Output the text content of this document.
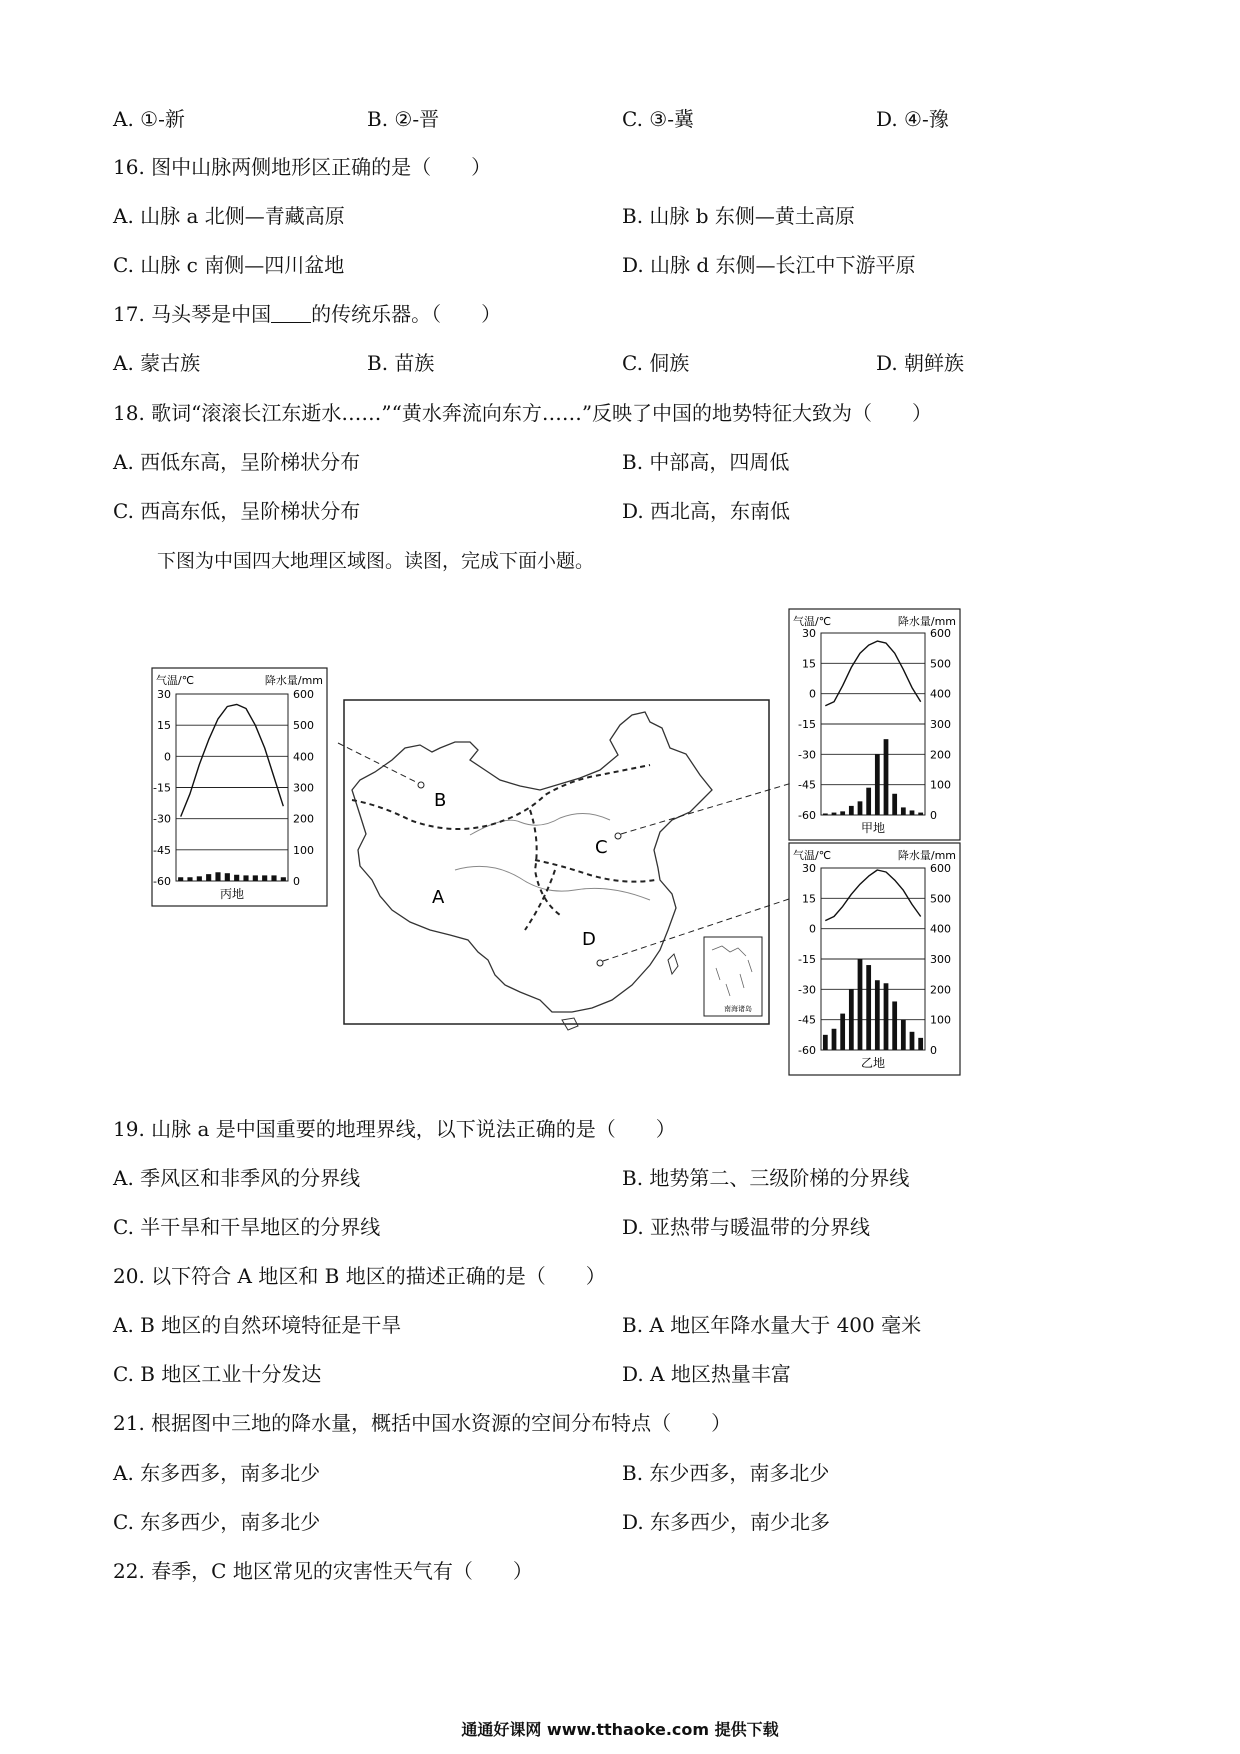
A. ①-新	B. ②-晋	C. ③-冀	D. ④-豫
16. 图中山脉两侧地形区正确的是（　　）
A. 山脉 a 北侧—青藏高原	B. 山脉 b 东侧—黄土高原
C. 山脉 c 南侧—四川盆地	D. 山脉 d 东侧—长江中下游平原
17. 马头琴是中国 的传统乐器。（　　）
A. 蒙古族	B. 苗族	C. 侗族	D. 朝鲜族
18. 歌词“滚滚长江东逝水……”“黄水奔流向东方……”反映了中国的地势特征大致为（　　）
A. 西低东高，呈阶梯状分布	B. 中部高，四周低
C. 西高东低，呈阶梯状分布	D. 西北高，东南低
下图为中国四大地理区域图。读图，完成下面小题。
B
A
C
D
南海诸岛
气温/℃	降水量/mm
30	600
15	500
0	400
-15	300
-30	200
-45	100
-60	0
丙地
气温/℃	降水量/mm
30	600
15	500
0	400
-15	300
-30	200
-45	100
-60	0
甲地
气温/℃	降水量/mm
30	600
15	500
0	400
-15	300
-30	200
-45	100
-60	0
乙地
19. 山脉 a 是中国重要的地理界线，以下说法正确的是（　　）
A. 季风区和非季风的分界线	B. 地势第二、三级阶梯的分界线
C. 半干旱和干旱地区的分界线	D. 亚热带与暖温带的分界线
20. 以下符合 A 地区和 B 地区的描述正确的是（　　）
A. B 地区的自然环境特征是干旱	B. A 地区年降水量大于 400 毫米
C. B 地区工业十分发达	D. A 地区热量丰富
21. 根据图中三地的降水量，概括中国水资源的空间分布特点（　　）
A. 东多西多，南多北少	B. 东少西多，南多北少
C. 东多西少，南多北少	D. 东多西少，南少北多
22. 春季，C 地区常见的灾害性天气有（　　）
通通好课网 www.tthaoke.com 提供下载
